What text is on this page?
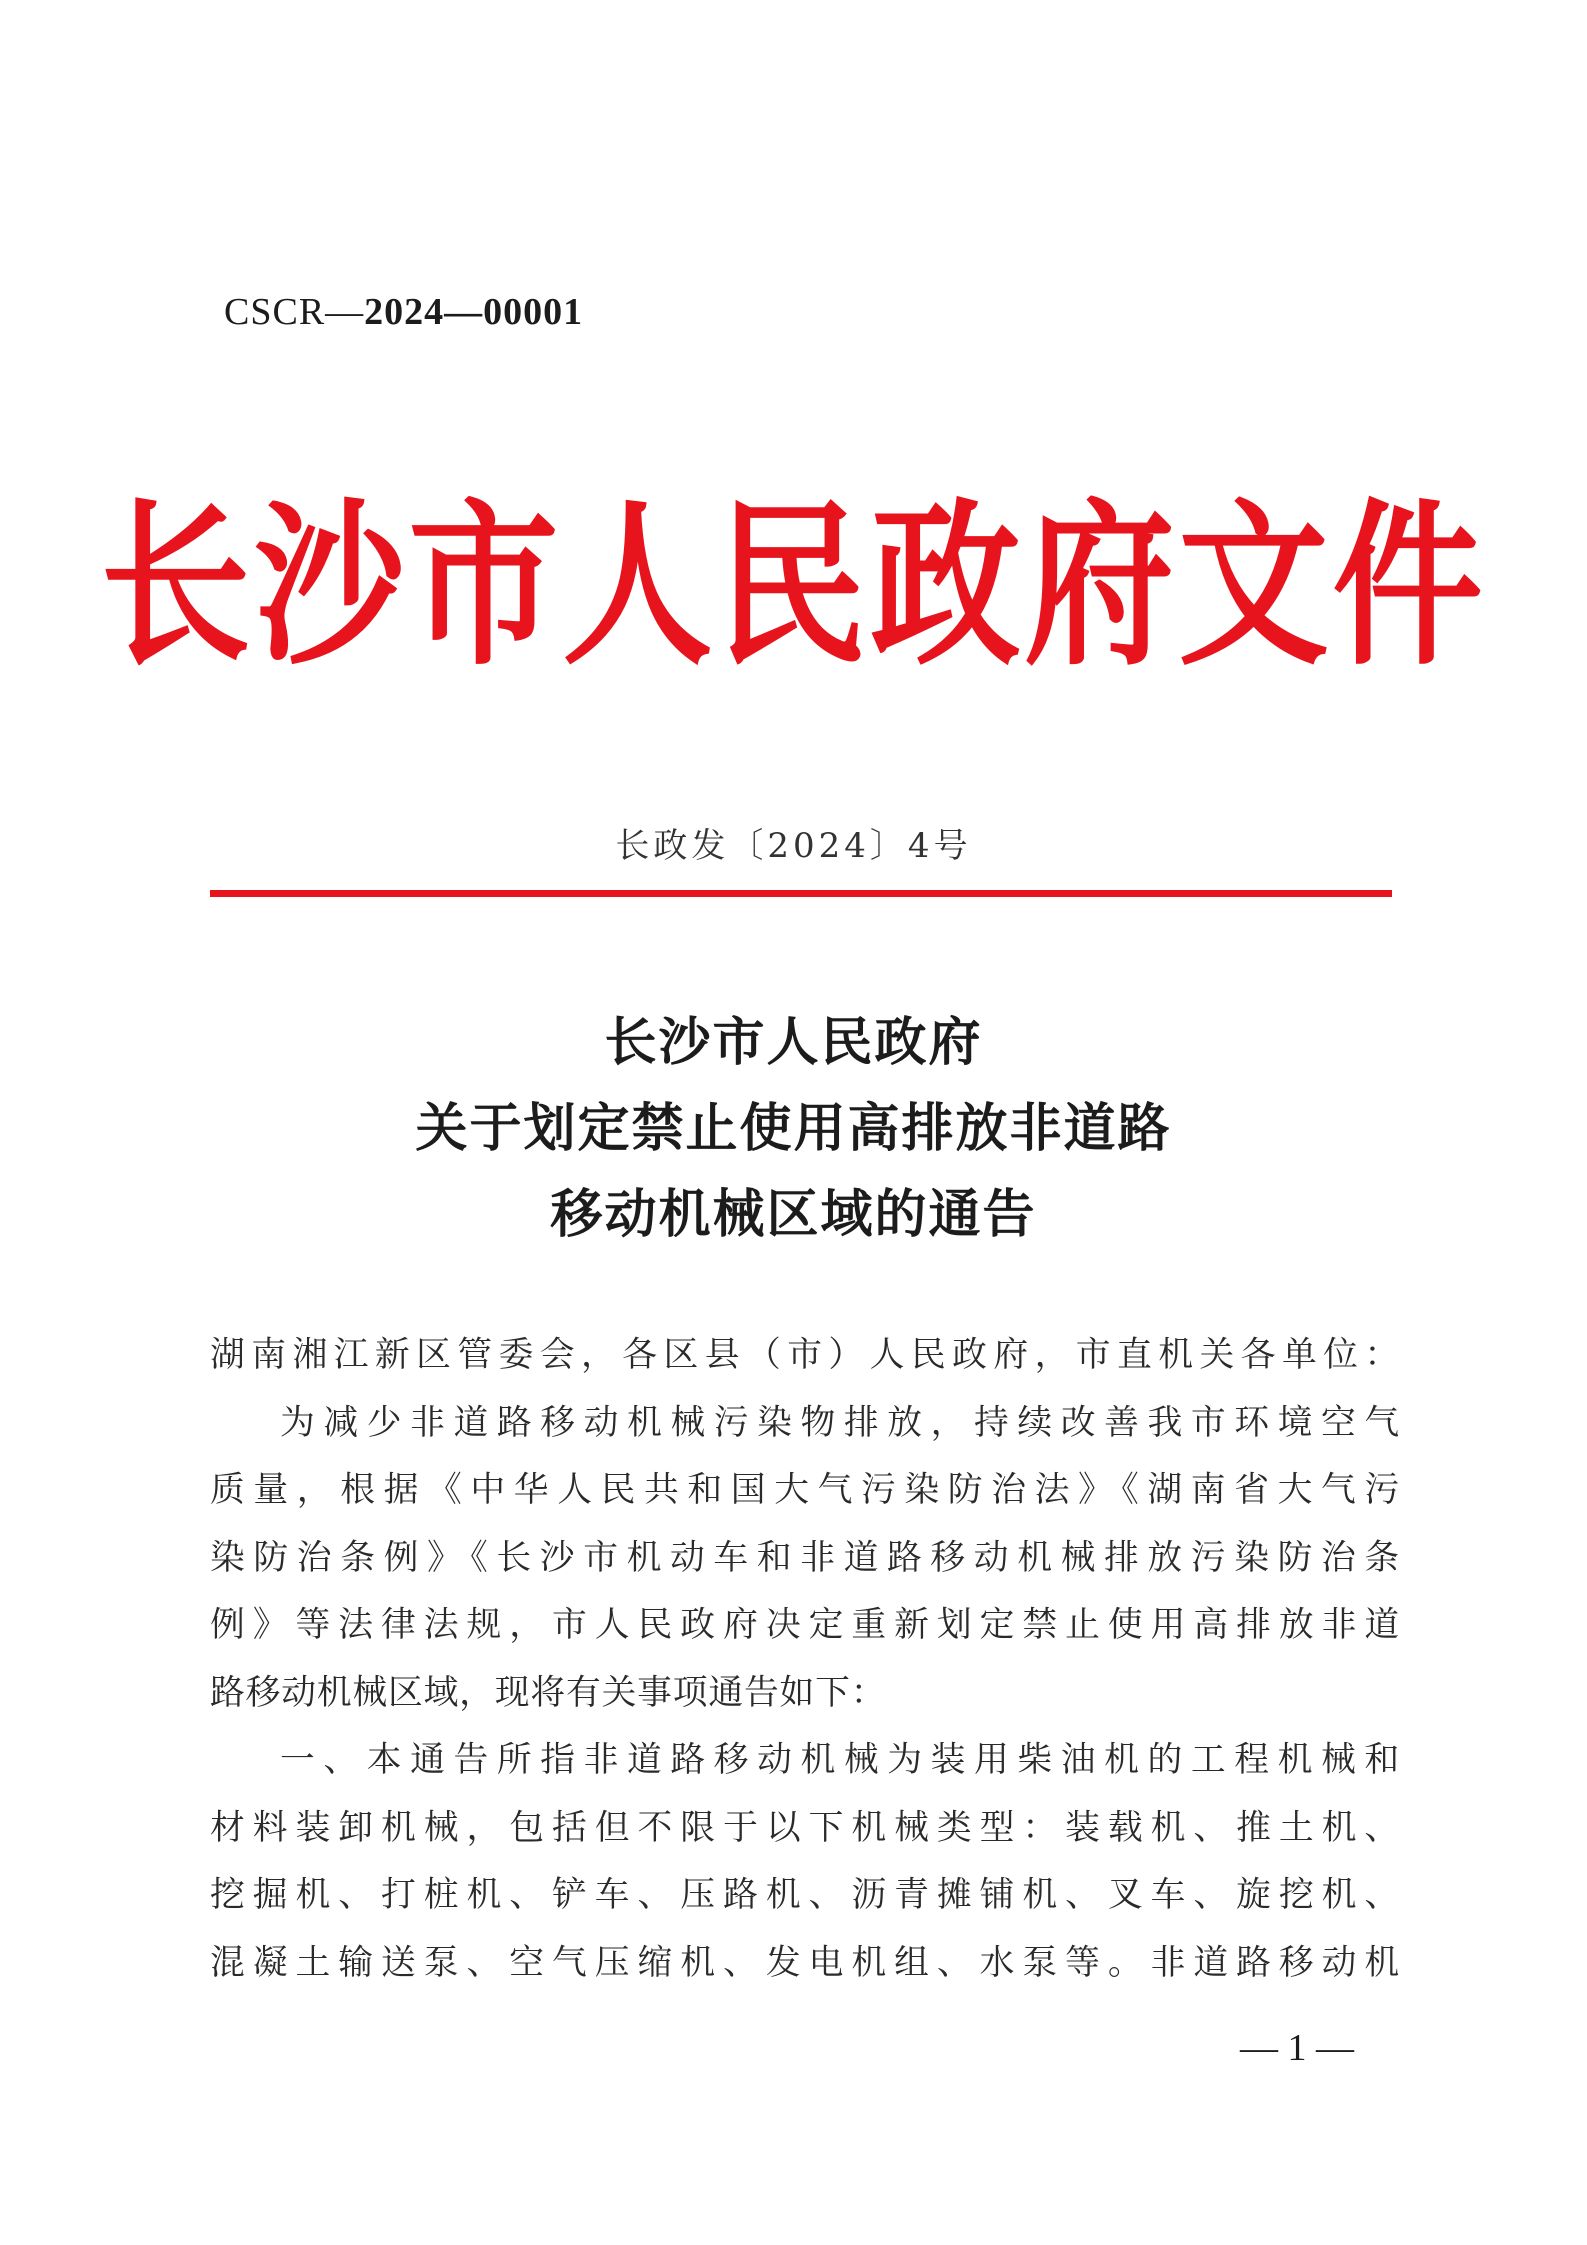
CSCR—2024—00001
长沙市人民政府文件
长政发〔2024〕4号
长沙市人民政府
关于划定禁止使用高排放非道路
移动机械区域的通告
湖南湘江新区管委会，各区县（市）人民政府，市直机关各单位：
为减少非道路移动机械污染物排放，持续改善我市环境空气
质量，根据《中华人民共和国大气污染防治法》《湖南省大气污
染防治条例》《长沙市机动车和非道路移动机械排放污染防治条
例》等法律法规，市人民政府决定重新划定禁止使用高排放非道
路移动机械区域，现将有关事项通告如下：
一、本通告所指非道路移动机械为装用柴油机的工程机械和
材料装卸机械，包括但不限于以下机械类型：装载机、推土机、
挖掘机、打桩机、铲车、压路机、沥青摊铺机、叉车、旋挖机、
混凝土输送泵、空气压缩机、发电机组、水泵等。非道路移动机
— 1 —
